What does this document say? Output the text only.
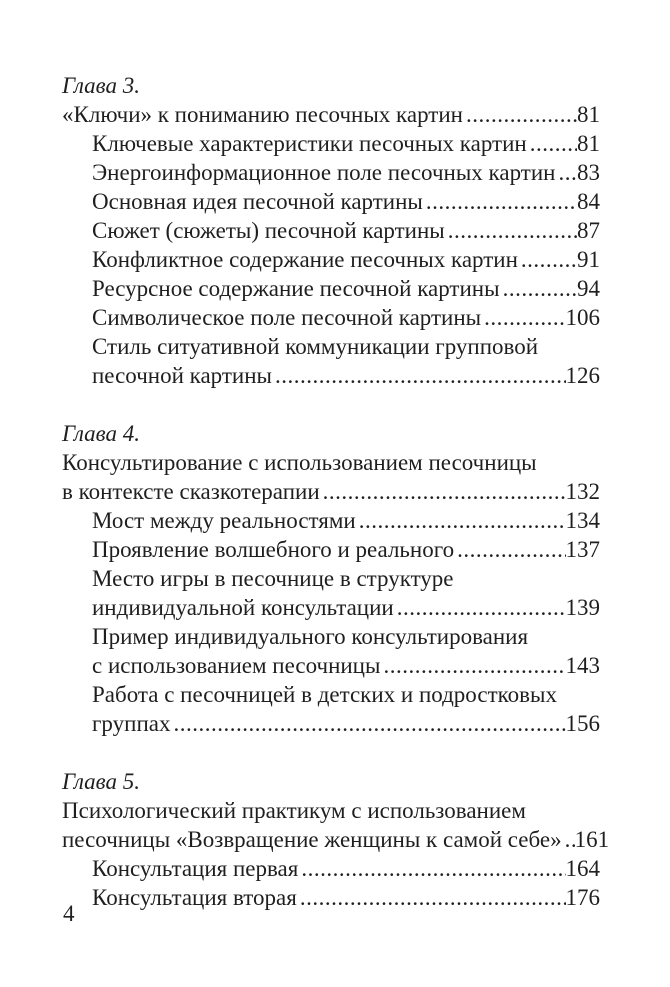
Глава 3.
«Ключи» к пониманию песочных картин .....	81
Ключевые характеристики песочных картин ..... 81
Энергоинформационное поле песочных картин ..... 83
Основная идея песочной картины .....	84
Сюжет (сюжеты) песочной картины .....	87
Конфликтное содержание песочных картин .....	91
Ресурсное содержание песочной картины .....	94
Символическое поле песочной картины .....	106
Стиль ситуативной коммуникации групповой
песочной картины .....	126
Глава 4.
Консультирование с использованием песочницы
в контексте сказкотерапии .....	132
Мост между реальностями .....	134
Проявление волшебного и реального .....	137
Место игры в песочнице в структуре
индивидуальной консультации .....	139
Пример индивидуального консультирования
с использованием песочницы .....	143
Работа с песочницей в детских и подростковых
группах .....	156
Глава 5.
Психологический практикум с использованием
песочницы «Возвращение женщины к самой себе» ..... 161
Консультация первая .....	164
Консультация вторая .....	176
4
